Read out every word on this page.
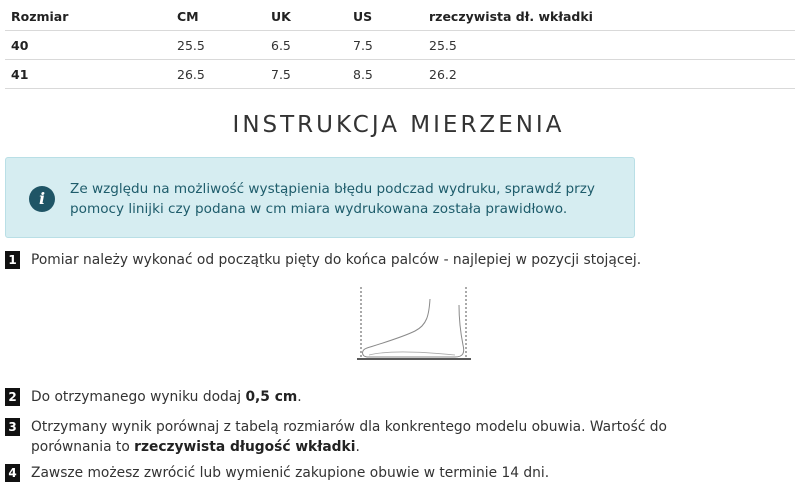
Rozmiar	CM	UK	US	rzeczywista dł. wkładki
40	25.5	6.5	7.5	25.5
41	26.5	7.5	8.5	26.2
INSTRUKCJA MIERZENIA
i	Ze względu na możliwość wystąpienia błędu podczad wydruku, sprawdź przy pomocy linijki czy podana w cm miara wydrukowana została prawidłowo.
1 Pomiar należy wykonać od początku pięty do końca palców - najlepiej w pozycji stojącej.
2 Do otrzymanego wyniku dodaj 0,5 cm.
3 Otrzymany wynik porównaj z tabelą rozmiarów dla konkrentego modelu obuwia. Wartość do porównania to rzeczywista długość wkładki.
4 Zawsze możesz zwrócić lub wymienić zakupione obuwie w terminie 14 dni.
